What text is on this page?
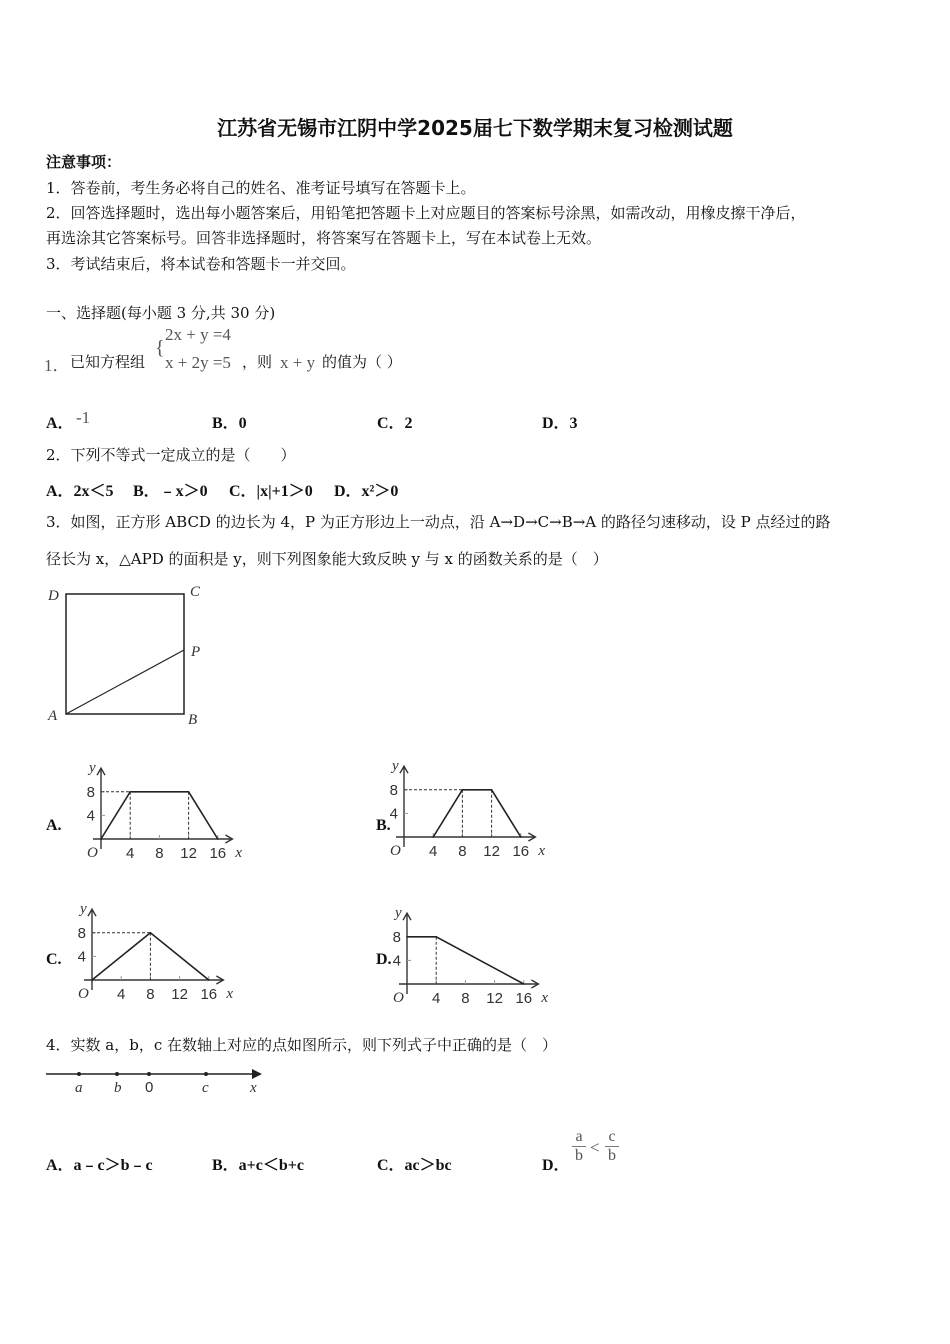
江苏省无锡市江阴中学2025届七下数学期末复习检测试题
注意事项：
1．答卷前，考生务必将自己的姓名、准考证号填写在答题卡上。
2．回答选择题时，选出每小题答案后，用铅笔把答题卡上对应题目的答案标号涂黑，如需改动，用橡皮擦干净后，
再选涂其它答案标号。回答非选择题时，将答案写在答题卡上，写在本试卷上无效。
3．考试结束后，将本试卷和答题卡一并交回。
一、选择题(每小题 3 分,共 30 分)
1． 已知方程组
{
2x + y =4
x + 2y =5 ，则 x + y 的值为（ ）
A． -1	B．0	C．2	D．3
2．下列不等式一定成立的是（　　）
A．2x＜5 B．﹣x＞0 C．|x|+1＞0 D．x²＞0
3．如图，正方形 ABCD 的边长为 4，P 为正方形边上一动点，沿 A→D→C→B→A 的路径匀速移动，设 P 点经过的路
径长为 x，△APD 的面积是 y，则下列图象能大致反映 y 与 x 的函数关系的是（　）
D	C
P
A	B
A.	B.
C.	D.
4 8 12 16
4
8
O	x
y
4 8 12 16
4
8
O	x
y
4 8 12 16
4
8
O	x
y
4 8 12 16
4
8
O	x
y
4．实数 a，b，c 在数轴上对应的点如图所示，则下列式子中正确的是（　）
a b 0	c	x
A．a﹣c＞b﹣c	B．a+c＜b+c	C．ac＞bc	D．
$\frac{a}{b} < \frac{c}{b}$
